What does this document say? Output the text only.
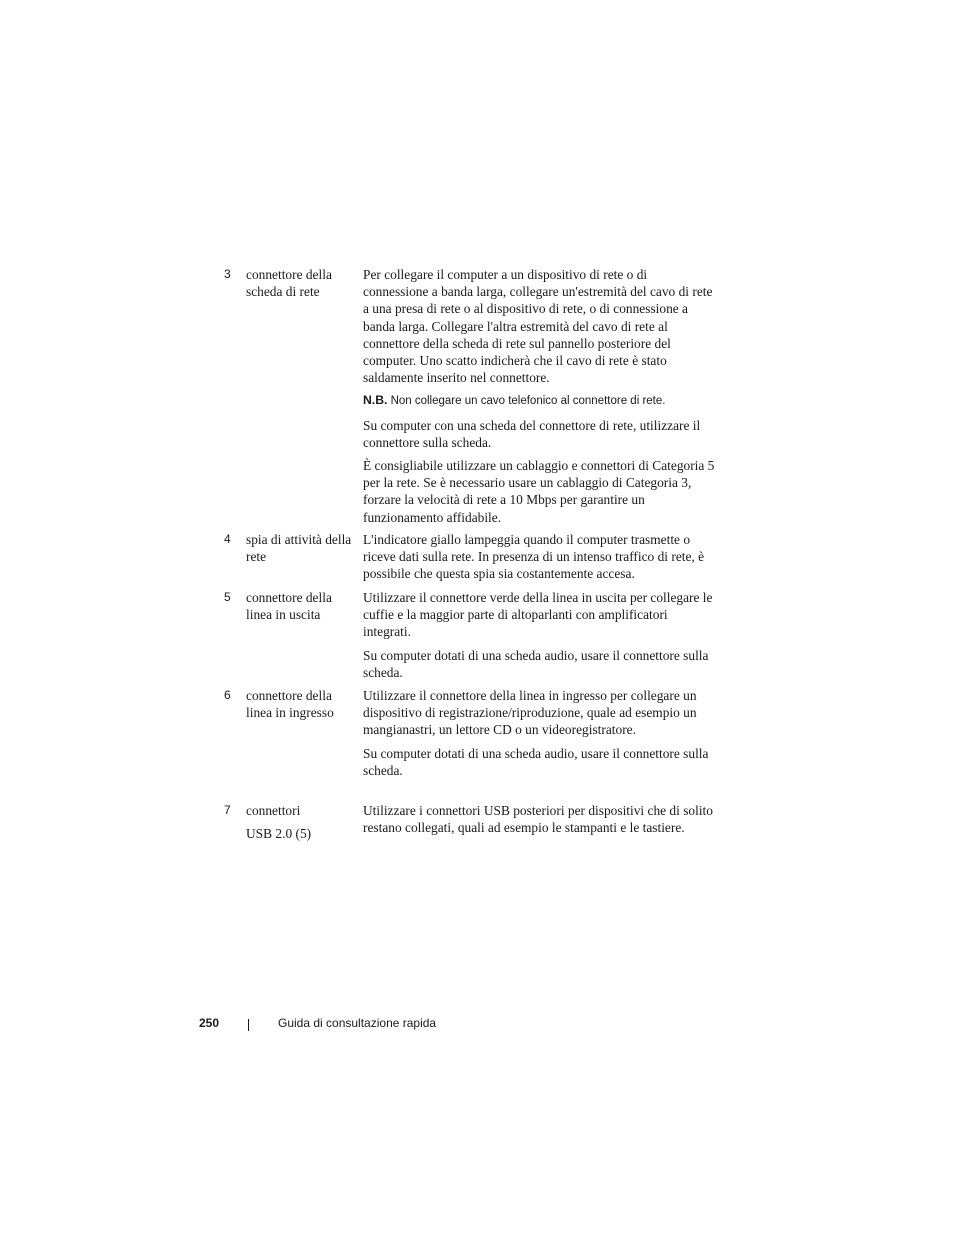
3 connettore della scheda di rete

Per collegare il computer a un dispositivo di rete o di connessione a banda larga, collegare un'estremità del cavo di rete a una presa di rete o al dispositivo di rete, o di connessione a banda larga. Collegare l'altra estremità del cavo di rete al connettore della scheda di rete sul pannello posteriore del computer. Uno scatto indicherà che il cavo di rete è stato saldamente inserito nel connettore.

N.B. Non collegare un cavo telefonico al connettore di rete.

Su computer con una scheda del connettore di rete, utilizzare il connettore sulla scheda.

È consigliabile utilizzare un cablaggio e connettori di Categoria 5 per la rete. Se è necessario usare un cablaggio di Categoria 3, forzare la velocità di rete a 10 Mbps per garantire un funzionamento affidabile.

4 spia di attività della rete

L'indicatore giallo lampeggia quando il computer trasmette o riceve dati sulla rete. In presenza di un intenso traffico di rete, è possibile che questa spia sia costantemente accesa.

5 connettore della linea in uscita

Utilizzare il connettore verde della linea in uscita per collegare le cuffie e la maggior parte di altoparlanti con amplificatori integrati.

Su computer dotati di una scheda audio, usare il connettore sulla scheda.

6 connettore della linea in ingresso

Utilizzare il connettore della linea in ingresso per collegare un dispositivo di registrazione/riproduzione, quale ad esempio un mangianastri, un lettore CD o un videoregistratore.

Su computer dotati di una scheda audio, usare il connettore sulla scheda.

7 connettori
USB 2.0 (5)

Utilizzare i connettori USB posteriori per dispositivi che di solito restano collegati, quali ad esempio le stampanti e le tastiere.

250	Guida di consultazione rapida
